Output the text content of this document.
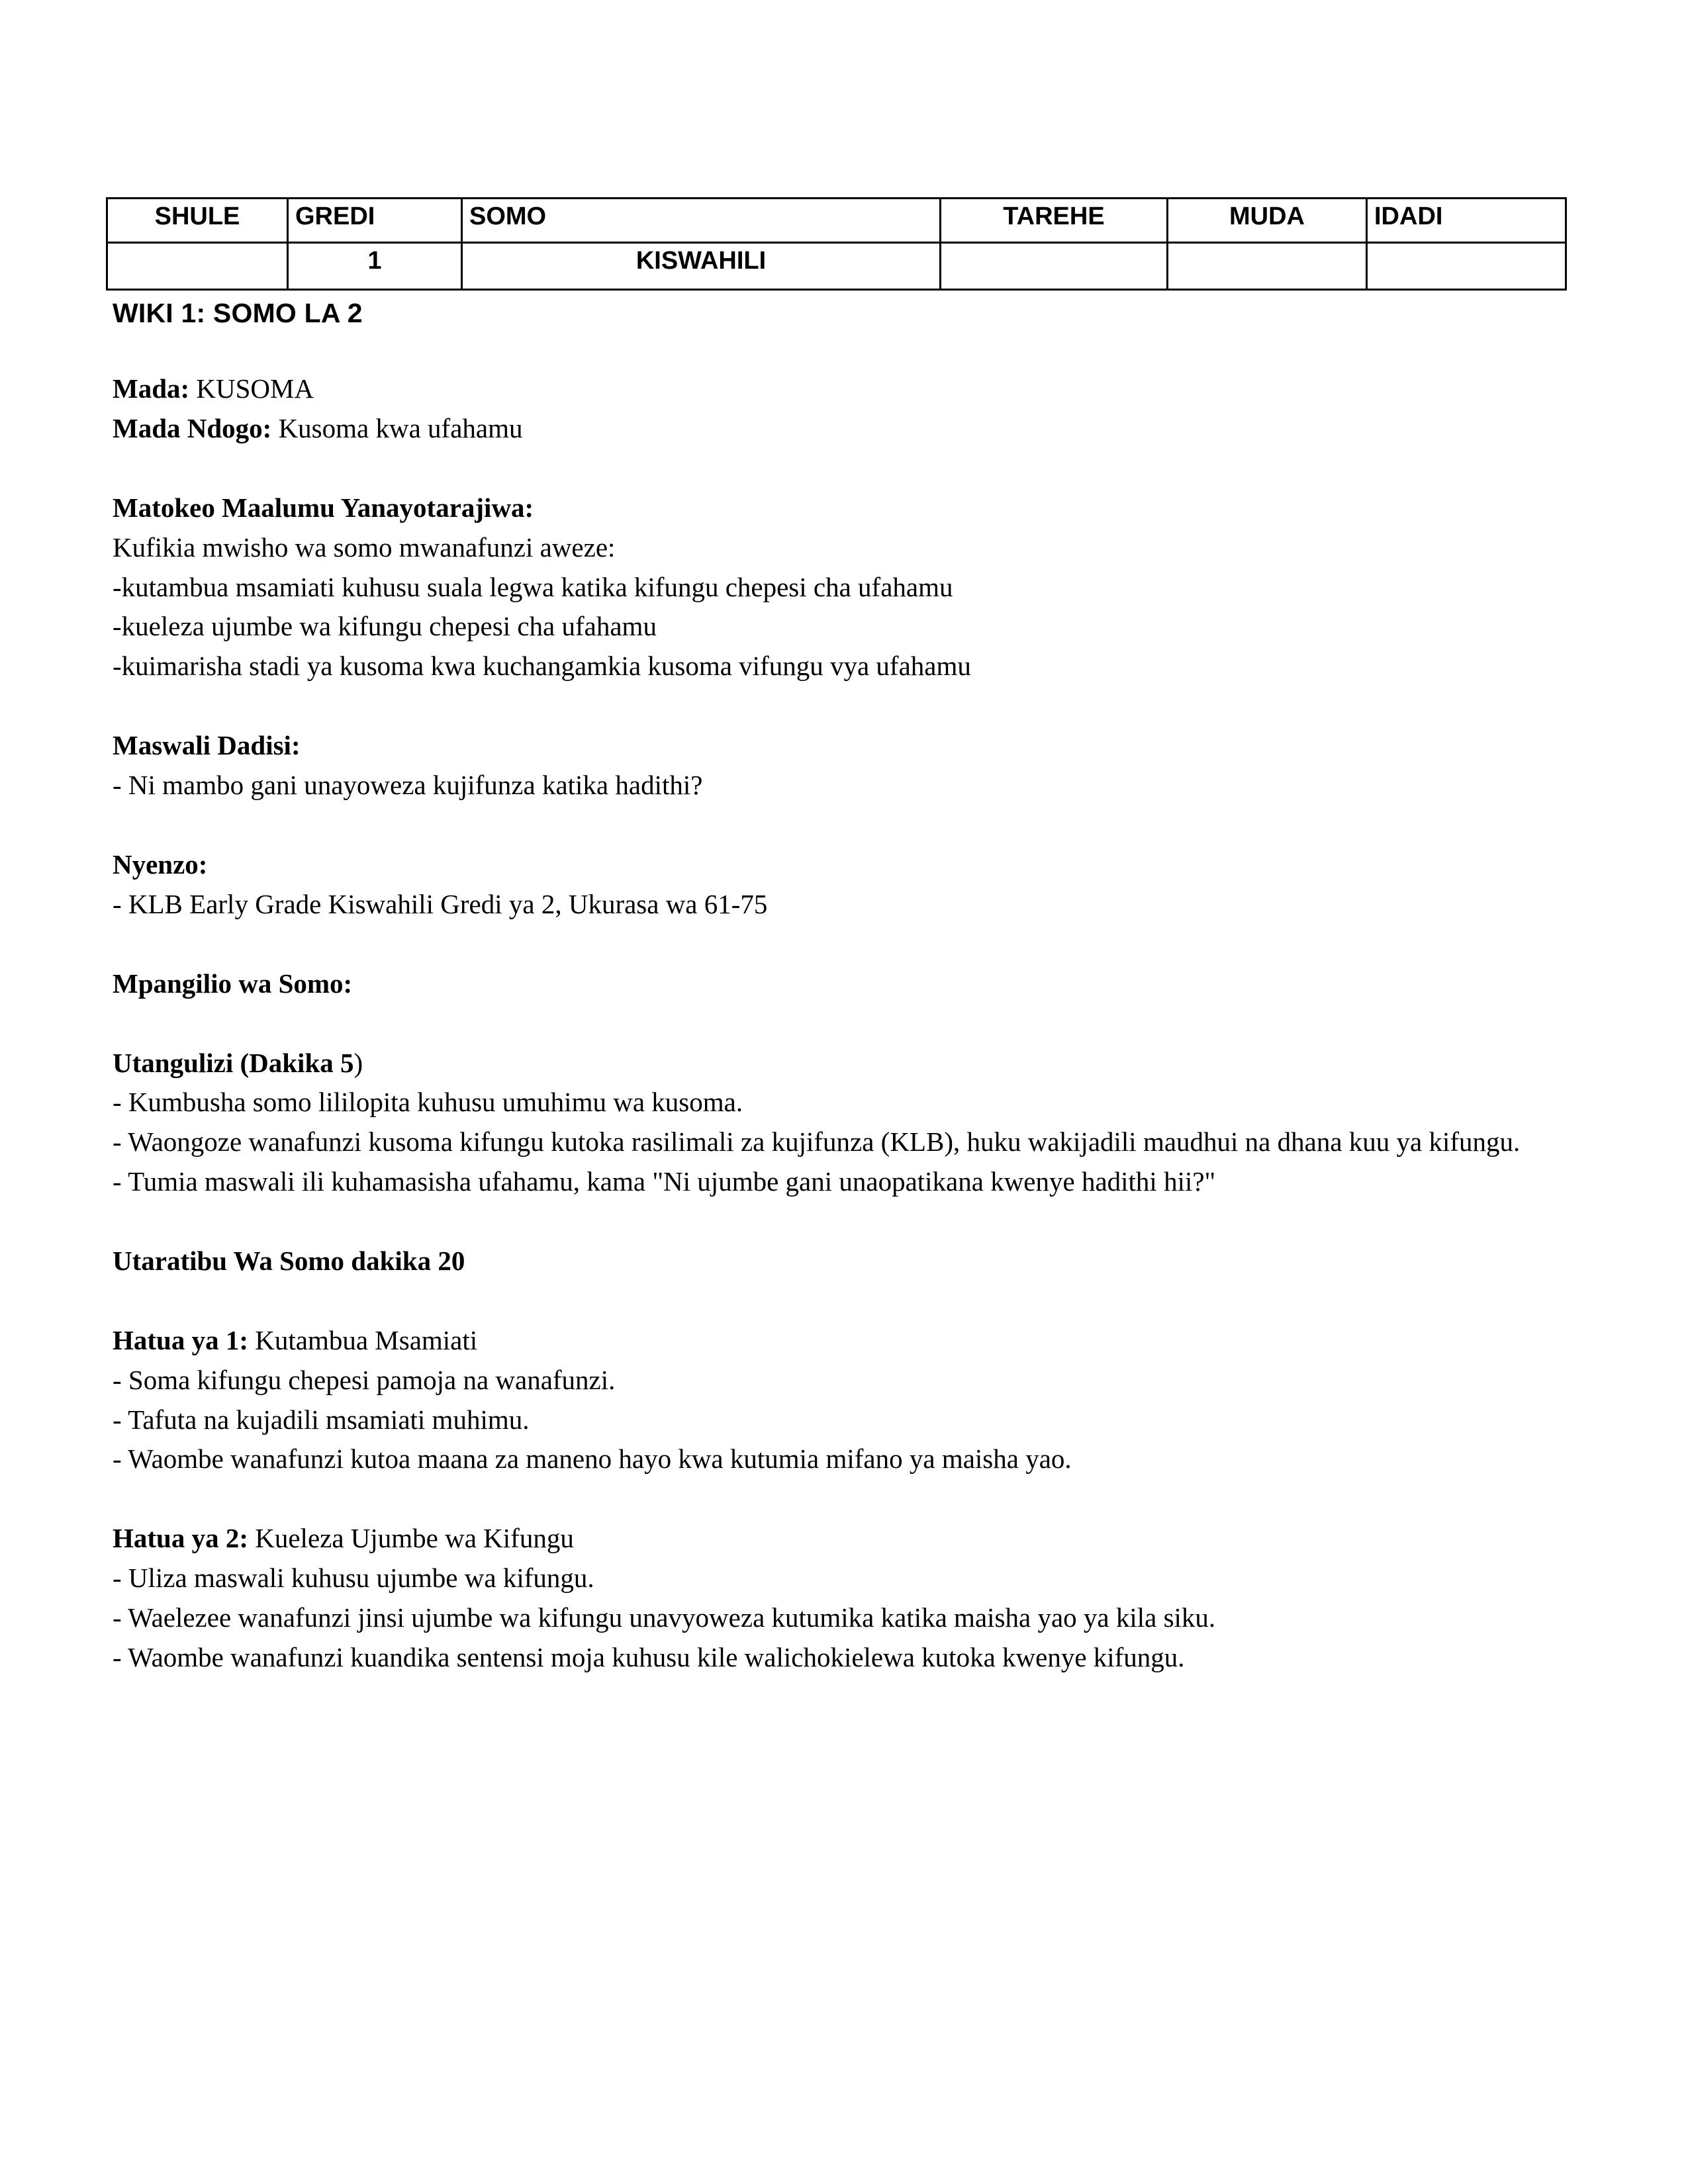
SHULE	GREDI	SOMO	TAREHE	MUDA	IDADI
	1	KISWAHILI			
WIKI 1: SOMO LA 2

Mada: KUSOMA

Mada Ndogo: Kusoma kwa ufahamu

Matokeo Maalumu Yanayotarajiwa:

Kufikia mwisho wa somo mwanafunzi aweze:

-kutambua msamiati kuhusu suala legwa katika kifungu chepesi cha ufahamu

-kueleza ujumbe wa kifungu chepesi cha ufahamu

-kuimarisha stadi ya kusoma kwa kuchangamkia kusoma vifungu vya ufahamu

Maswali Dadisi:

- Ni mambo gani unayoweza kujifunza katika hadithi?

Nyenzo:

- KLB Early Grade Kiswahili Gredi ya 2, Ukurasa wa 61-75

Mpangilio wa Somo:

Utangulizi (Dakika 5)

- Kumbusha somo lililopita kuhusu umuhimu wa kusoma.

- Waongoze wanafunzi kusoma kifungu kutoka rasilimali za kujifunza (KLB), huku wakijadili maudhui na dhana kuu ya kifungu.

- Tumia maswali ili kuhamasisha ufahamu, kama "Ni ujumbe gani unaopatikana kwenye hadithi hii?"

Utaratibu Wa Somo dakika 20

Hatua ya 1: Kutambua Msamiati

- Soma kifungu chepesi pamoja na wanafunzi.

- Tafuta na kujadili msamiati muhimu.

- Waombe wanafunzi kutoa maana za maneno hayo kwa kutumia mifano ya maisha yao.

Hatua ya 2: Kueleza Ujumbe wa Kifungu

- Uliza maswali kuhusu ujumbe wa kifungu.

- Waelezee wanafunzi jinsi ujumbe wa kifungu unavyoweza kutumika katika maisha yao ya kila siku.

- Waombe wanafunzi kuandika sentensi moja kuhusu kile walichokielewa kutoka kwenye kifungu.
